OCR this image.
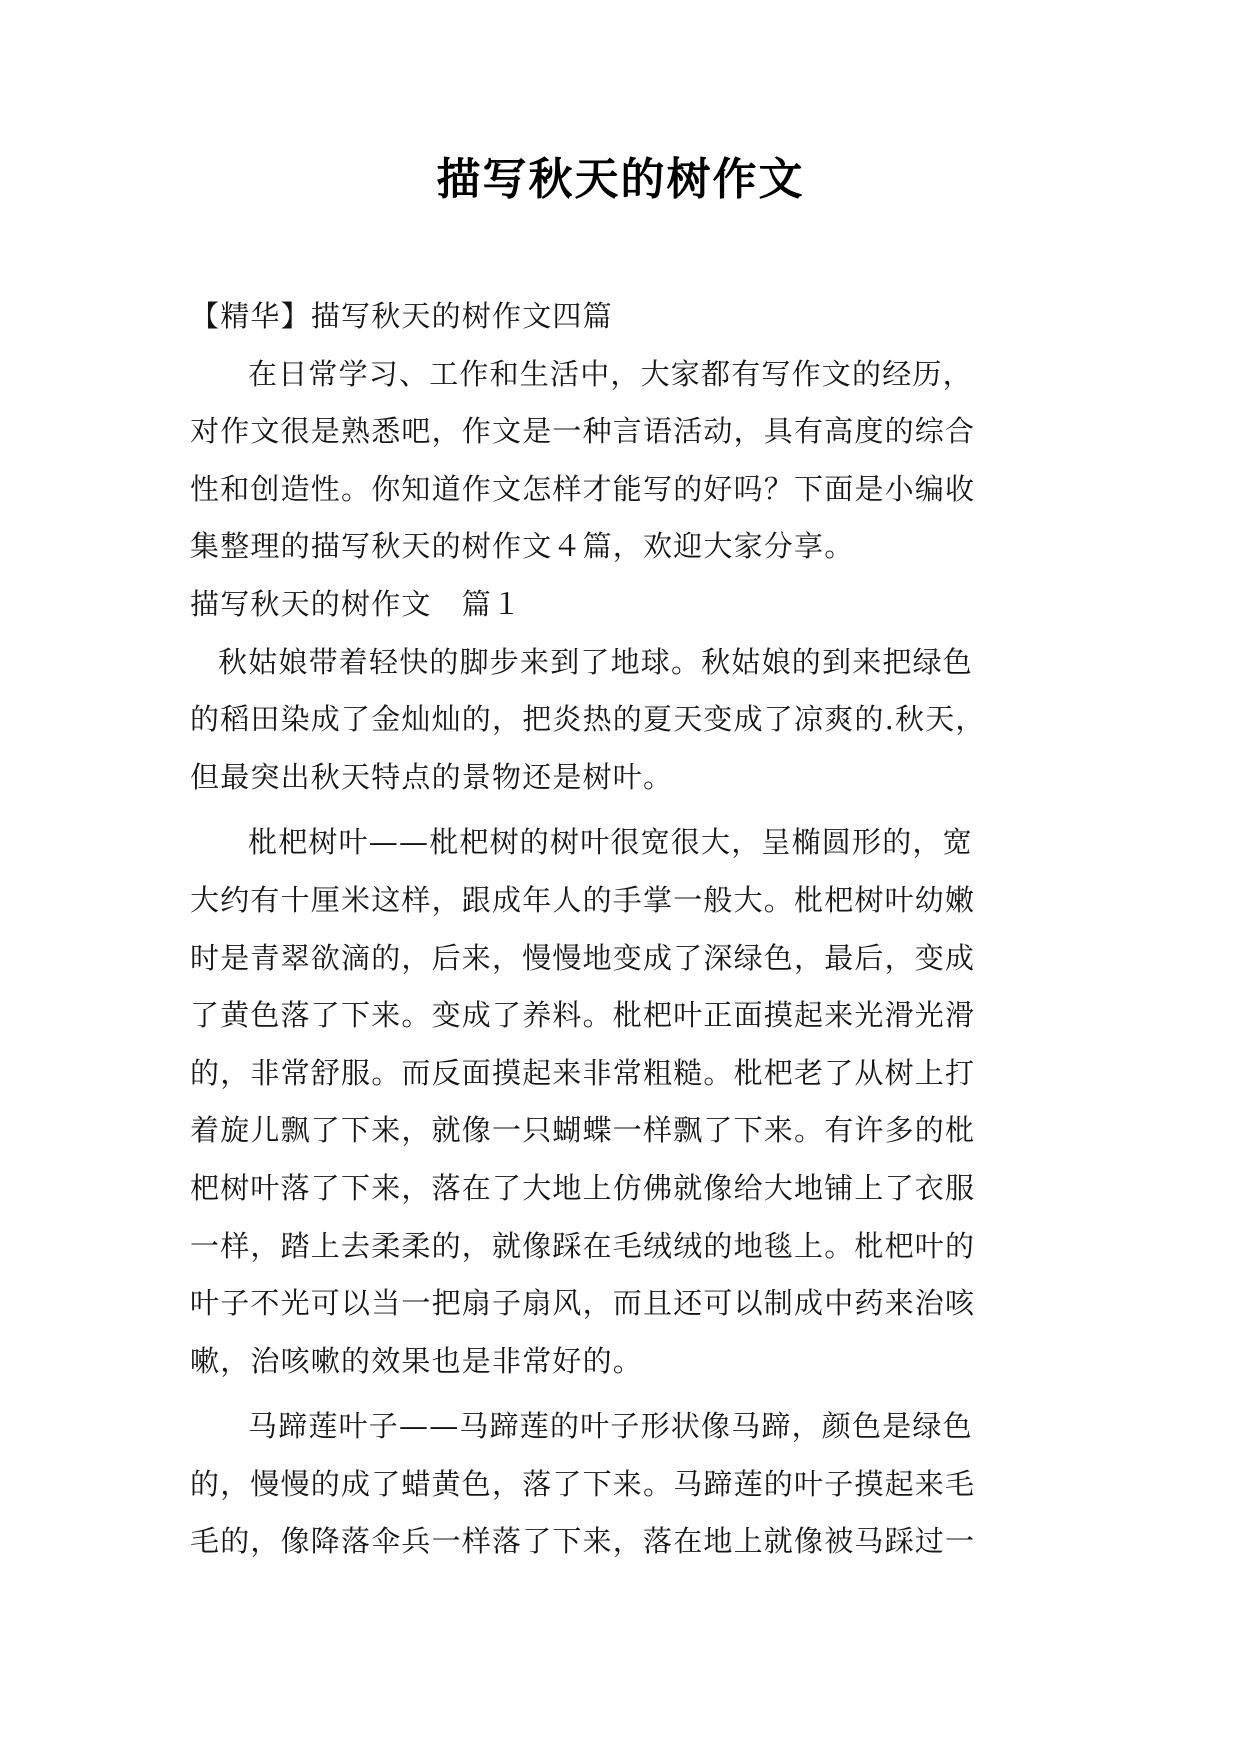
描写秋天的树作文
【精华】描写秋天的树作文四篇
在日常学习、工作和生活中，大家都有写作文的经历，
对作文很是熟悉吧，作文是一种言语活动，具有高度的综合
性和创造性。你知道作文怎样才能写的好吗？下面是小编收
集整理的描写秋天的树作文４篇，欢迎大家分享。
描写秋天的树作文　篇１
秋姑娘带着轻快的脚步来到了地球。秋姑娘的到来把绿色
的稻田染成了金灿灿的，把炎热的夏天变成了凉爽的.秋天，
但最突出秋天特点的景物还是树叶。
枇杷树叶——枇杷树的树叶很宽很大，呈椭圆形的，宽
大约有十厘米这样，跟成年人的手掌一般大。枇杷树叶幼嫩
时是青翠欲滴的，后来，慢慢地变成了深绿色，最后，变成
了黄色落了下来。变成了养料。枇杷叶正面摸起来光滑光滑
的，非常舒服。而反面摸起来非常粗糙。枇杷老了从树上打
着旋儿飘了下来，就像一只蝴蝶一样飘了下来。有许多的枇
杷树叶落了下来，落在了大地上仿佛就像给大地铺上了衣服
一样，踏上去柔柔的，就像踩在毛绒绒的地毯上。枇杷叶的
叶子不光可以当一把扇子扇风，而且还可以制成中药来治咳
嗽，治咳嗽的效果也是非常好的。
马蹄莲叶子——马蹄莲的叶子形状像马蹄，颜色是绿色
的，慢慢的成了蜡黄色，落了下来。马蹄莲的叶子摸起来毛
毛的，像降落伞兵一样落了下来，落在地上就像被马踩过一
